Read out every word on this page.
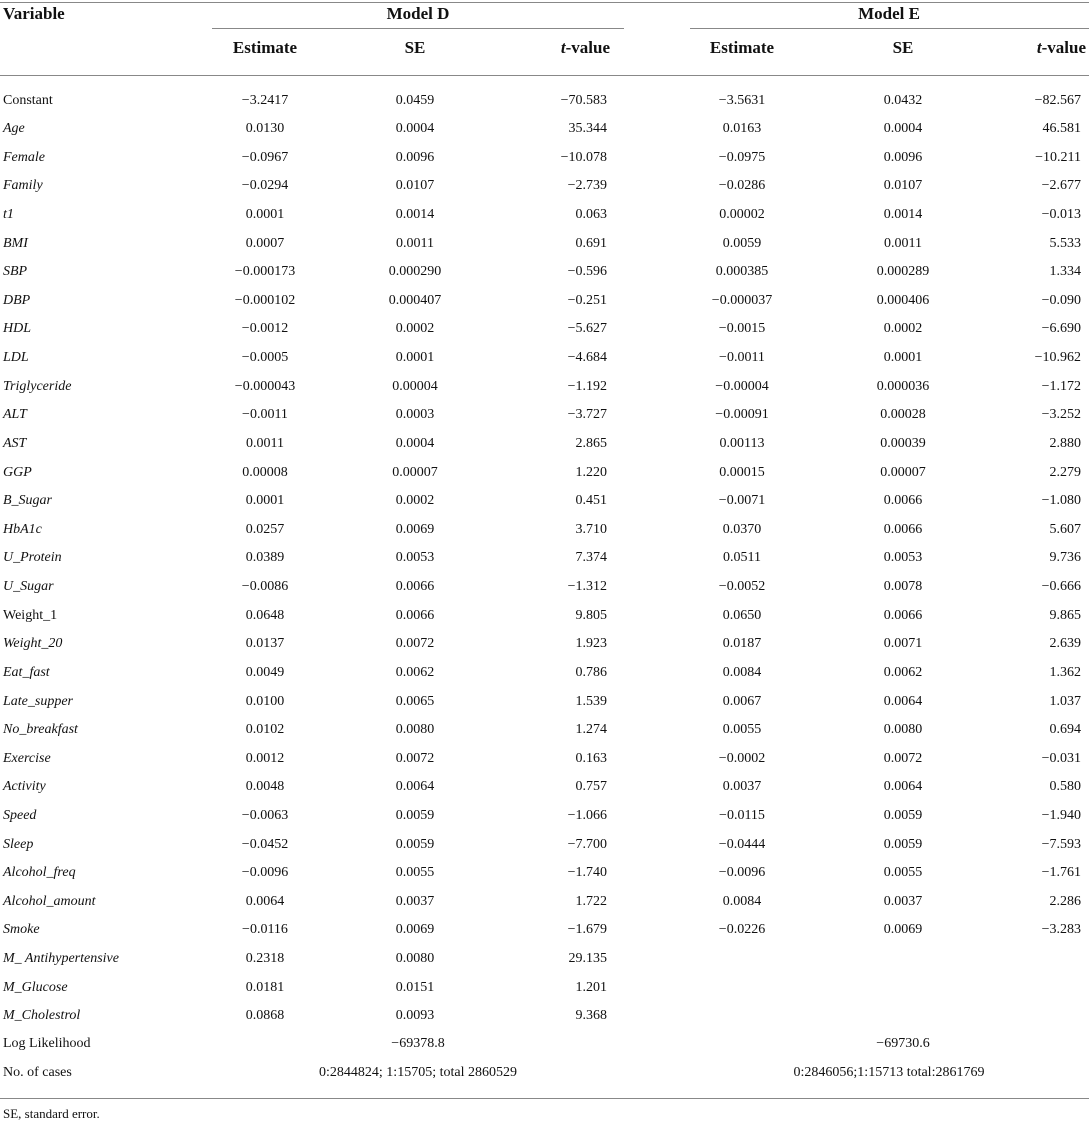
Variable	Model D	Model E
Estimate	SE	t-value	Estimate	SE	t-value
Constant	−3.2417	0.0459	−70.583	−3.5631	0.0432	−82.567
Age	0.0130	0.0004	35.344	0.0163	0.0004	46.581
Female	−0.0967	0.0096	−10.078	−0.0975	0.0096	−10.211
Family	−0.0294	0.0107	−2.739	−0.0286	0.0107	−2.677
t1	0.0001	0.0014	0.063	0.00002	0.0014	−0.013
BMI	0.0007	0.0011	0.691	0.0059	0.0011	5.533
SBP	−0.000173	0.000290	−0.596	0.000385	0.000289	1.334
DBP	−0.000102	0.000407	−0.251	−0.000037	0.000406	−0.090
HDL	−0.0012	0.0002	−5.627	−0.0015	0.0002	−6.690
LDL	−0.0005	0.0001	−4.684	−0.0011	0.0001	−10.962
Triglyceride	−0.000043	0.00004	−1.192	−0.00004	0.000036	−1.172
ALT	−0.0011	0.0003	−3.727	−0.00091	0.00028	−3.252
AST	0.0011	0.0004	2.865	0.00113	0.00039	2.880
GGP	0.00008	0.00007	1.220	0.00015	0.00007	2.279
B_Sugar	0.0001	0.0002	0.451	−0.0071	0.0066	−1.080
HbA1c	0.0257	0.0069	3.710	0.0370	0.0066	5.607
U_Protein	0.0389	0.0053	7.374	0.0511	0.0053	9.736
U_Sugar	−0.0086	0.0066	−1.312	−0.0052	0.0078	−0.666
Weight_1	0.0648	0.0066	9.805	0.0650	0.0066	9.865
Weight_20	0.0137	0.0072	1.923	0.0187	0.0071	2.639
Eat_fast	0.0049	0.0062	0.786	0.0084	0.0062	1.362
Late_supper	0.0100	0.0065	1.539	0.0067	0.0064	1.037
No_breakfast	0.0102	0.0080	1.274	0.0055	0.0080	0.694
Exercise	0.0012	0.0072	0.163	−0.0002	0.0072	−0.031
Activity	0.0048	0.0064	0.757	0.0037	0.0064	0.580
Speed	−0.0063	0.0059	−1.066	−0.0115	0.0059	−1.940
Sleep	−0.0452	0.0059	−7.700	−0.0444	0.0059	−7.593
Alcohol_freq	−0.0096	0.0055	−1.740	−0.0096	0.0055	−1.761
Alcohol_amount	0.0064	0.0037	1.722	0.0084	0.0037	2.286
Smoke	−0.0116	0.0069	−1.679	−0.0226	0.0069	−3.283
M_ Antihypertensive	0.2318	0.0080	29.135
M_Glucose	0.0181	0.0151	1.201
M_Cholestrol	0.0868	0.0093	9.368
Log Likelihood	−69378.8	−69730.6
No. of cases	0:2844824; 1:15705; total 2860529	0:2846056;1:15713 total:2861769
SE, standard error.
